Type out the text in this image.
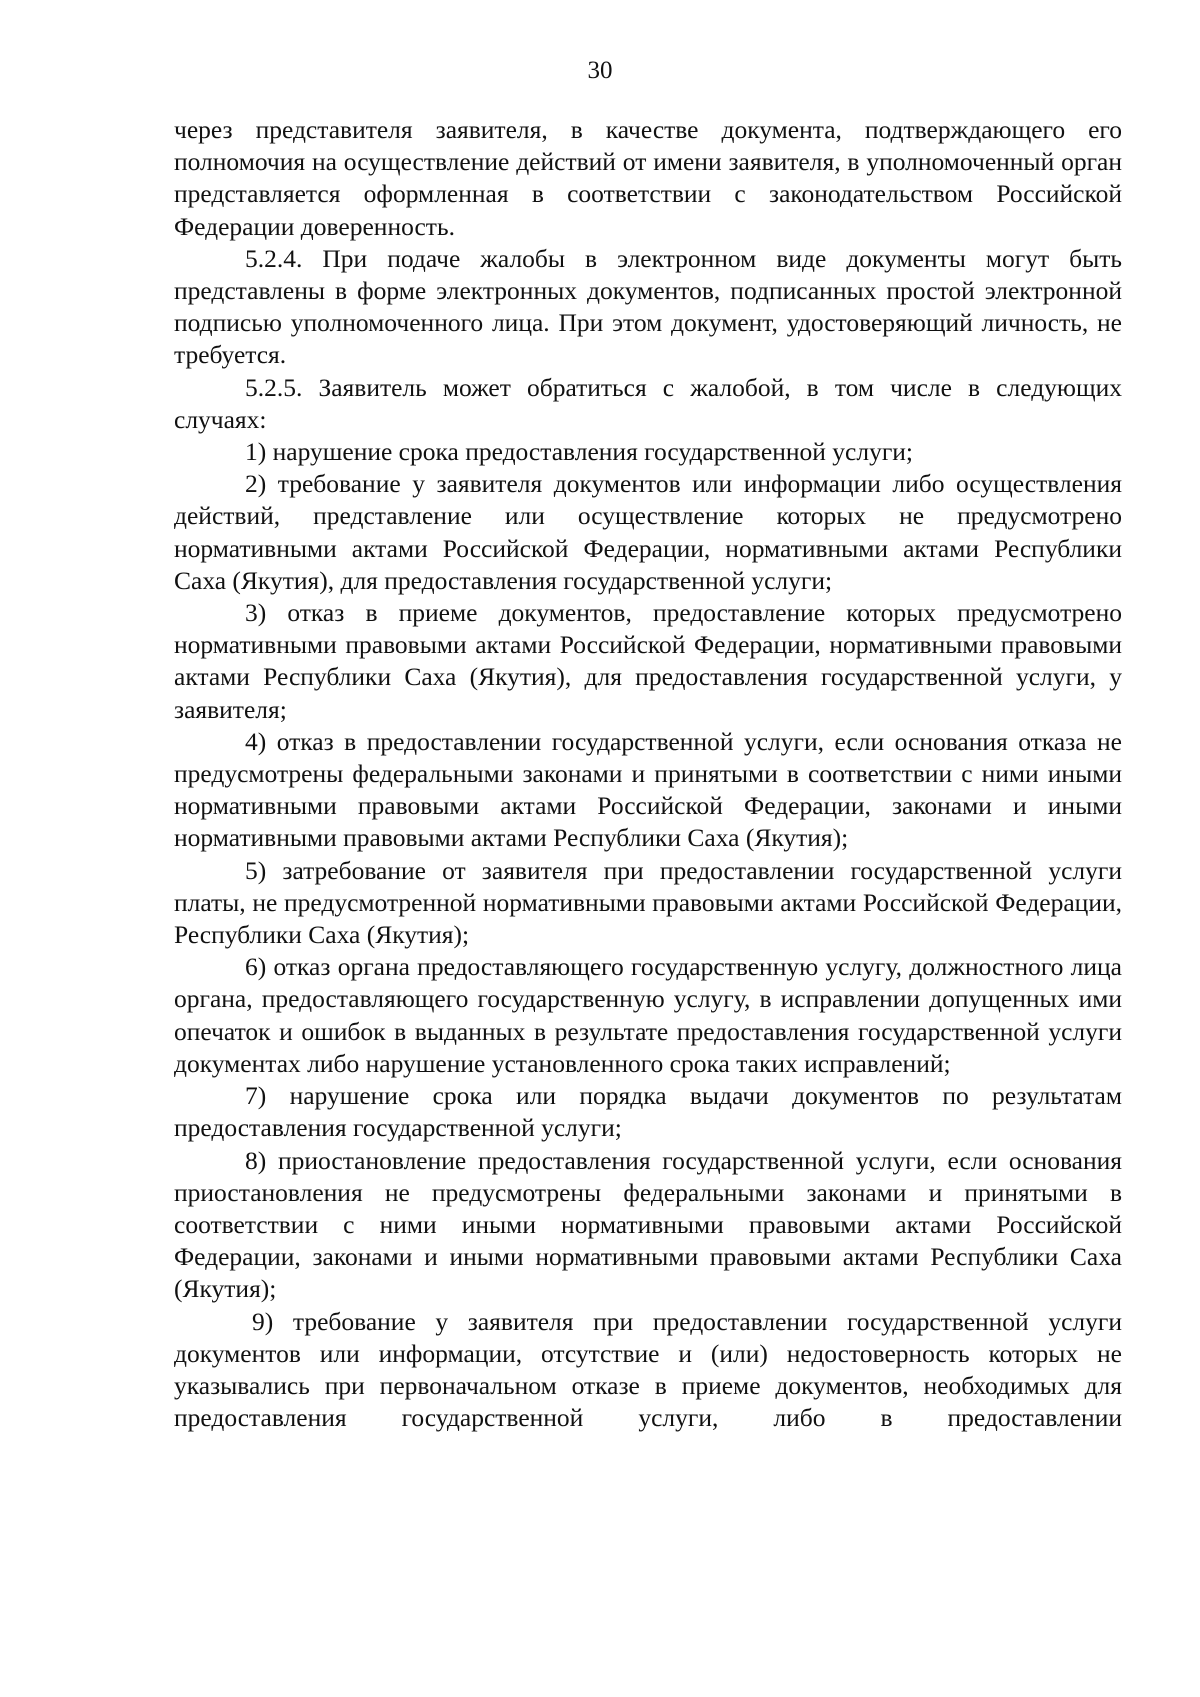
30

через представителя заявителя, в качестве документа, подтверждающего его полномочия на осуществление действий от имени заявителя, в уполномоченный орган представляется оформленная в соответствии с законодательством Российской Федерации доверенность.

5.2.4. При подаче жалобы в электронном виде документы могут быть представлены в форме электронных документов, подписанных простой электронной подписью уполномоченного лица. При этом документ, удостоверяющий личность, не требуется.

5.2.5. Заявитель может обратиться с жалобой, в том числе в следующих случаях:

1) нарушение срока предоставления государственной услуги;

2) требование у заявителя документов или информации либо осуществления действий, представление или осуществление которых не предусмотрено нормативными актами Российской Федерации, нормативными актами Республики Саха (Якутия), для предоставления государственной услуги;

3) отказ в приеме документов, предоставление которых предусмотрено нормативными правовыми актами Российской Федерации, нормативными правовыми актами Республики Саха (Якутия), для предоставления государственной услуги, у заявителя;

4) отказ в предоставлении государственной услуги, если основания отказа не предусмотрены федеральными законами и принятыми в соответствии с ними иными нормативными правовыми актами Российской Федерации, законами и иными нормативными правовыми актами Республики Саха (Якутия);

5) затребование от заявителя при предоставлении государственной услуги платы, не предусмотренной нормативными правовыми актами Российской Федерации, Республики Саха (Якутия);

6) отказ органа предоставляющего государственную услугу, должностного лица органа, предоставляющего государственную услугу, в исправлении допущенных ими опечаток и ошибок в выданных в результате предоставления государственной услуги документах либо нарушение установленного срока таких исправлений;

7) нарушение срока или порядка выдачи документов по результатам предоставления государственной услуги;

8) приостановление предоставления государственной услуги, если основания приостановления не предусмотрены федеральными законами и принятыми в соответствии с ними иными нормативными правовыми актами Российской Федерации, законами и иными нормативными правовыми актами Республики Саха (Якутия);

9) требование у заявителя при предоставлении государственной услуги документов или информации, отсутствие и (или) недостоверность которых не указывались при первоначальном отказе в приеме документов, необходимых для предоставления государственной услуги, либо в предоставлении
